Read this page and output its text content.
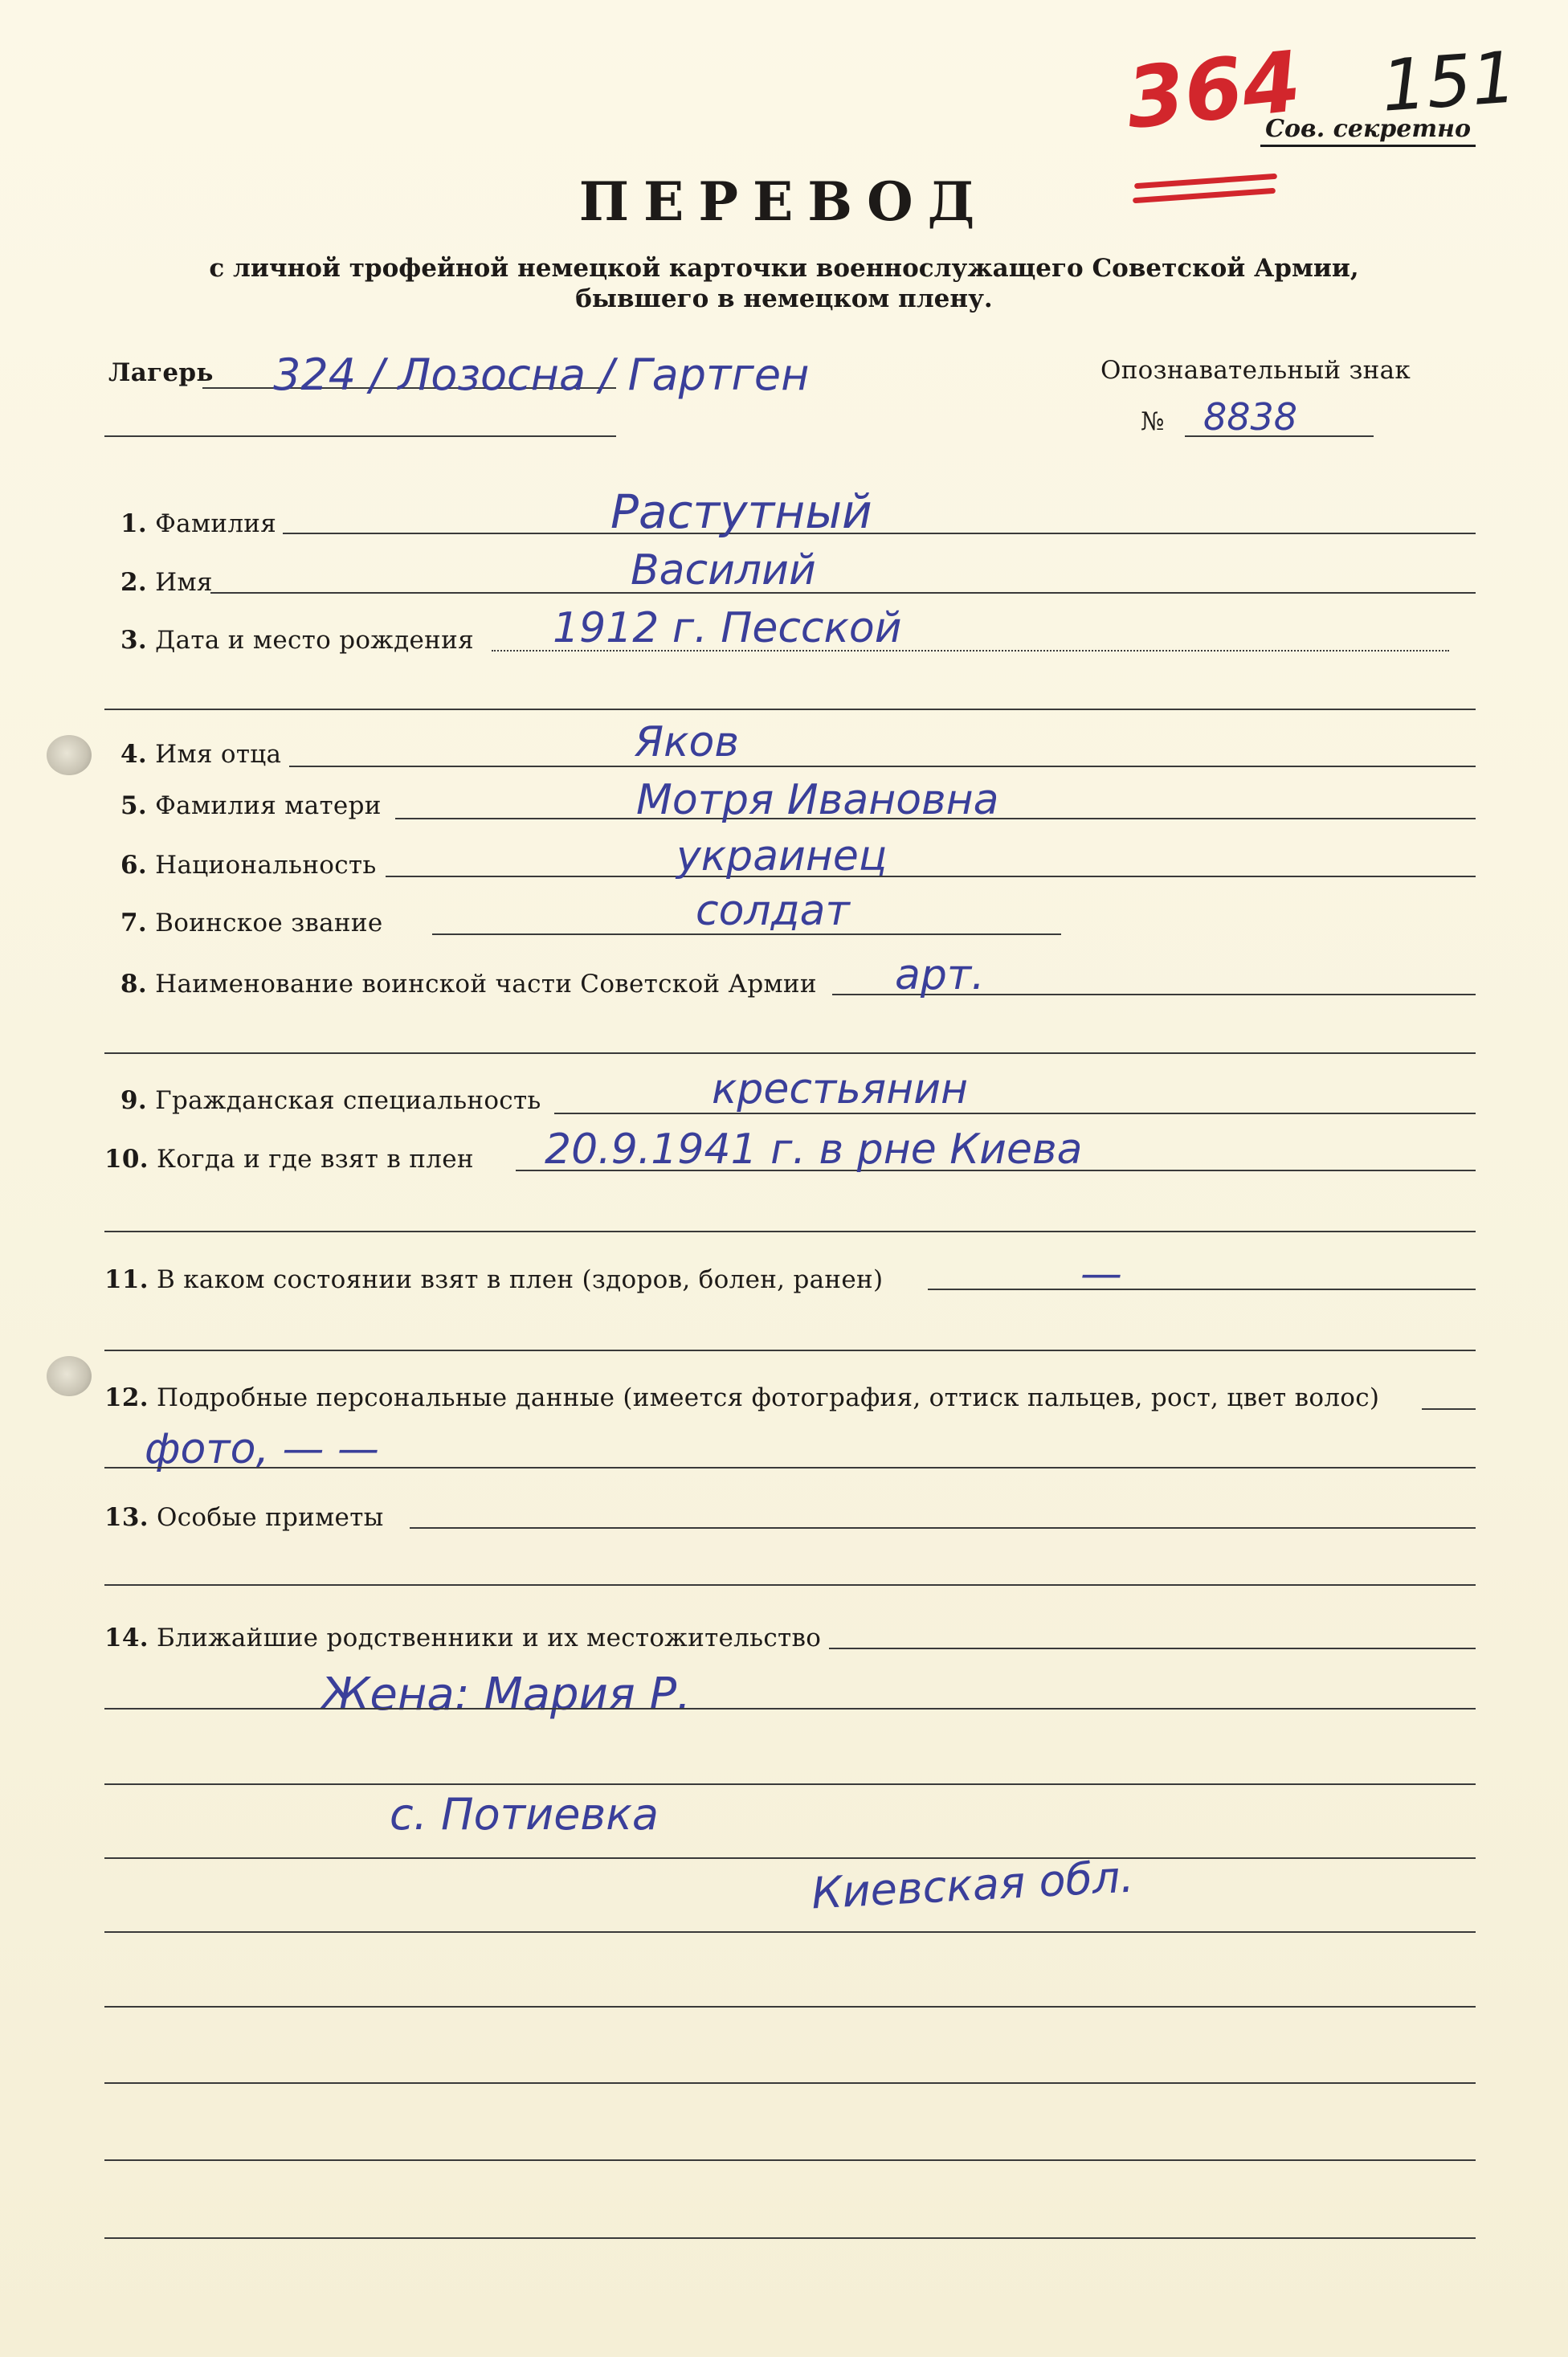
364 151
Сов. секретно
ПЕРЕВОД
с личной трофейной немецкой карточки военнослужащего Советской Армии,
бывшего в немецком плену.
Лагерь 324 / Лозосна / Гартген	Опознавательный знак
№ 8838
1. Фамилия	Растутный
2. Имя	Василий
3. Дата и место рождения 1912 г. Песской
4. Имя отца	Яков
5. Фамилия матери	Мотря Ивановна
6. Национальность	украинец
7. Воинское звание	солдат
8. Наименование воинской части Советской Армии арт.
9. Гражданская специальность	крестьянин
10. Когда и где взят в плен 20.9.1941 г. в рне Киева
11. В каком состоянии взят в плен (здоров, болен, ранен)	—
12. Подробные персональные данные (имеется фотография, оттиск пальцев, рост, цвет волос)
фото, — —
13. Особые приметы
14. Ближайшие родственники и их местожительство
Жена: Мария Р.
с. Потиевка
Киевская обл.
